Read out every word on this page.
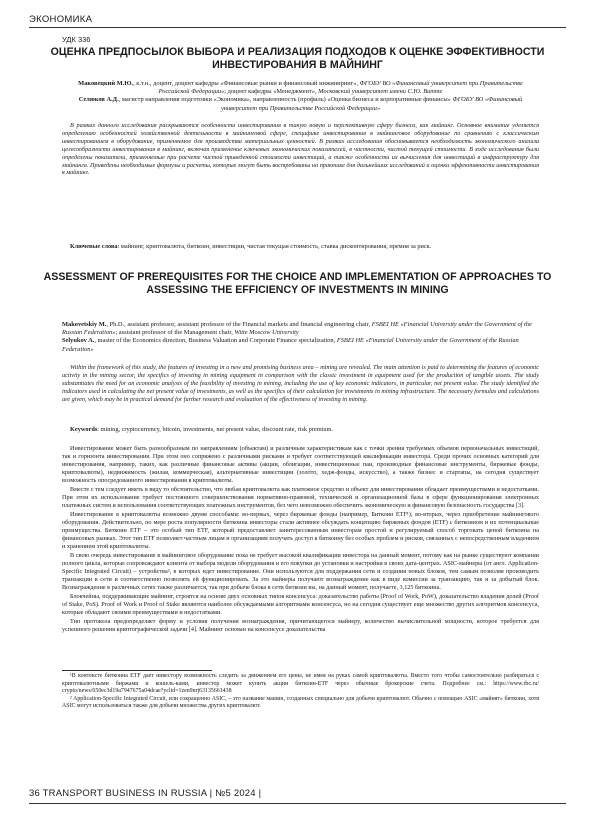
ЭКОНОМИКА
УДК 336
ОЦЕНКА ПРЕДПОСЫЛОК ВЫБОРА И РЕАЛИЗАЦИЯ ПОДХОДОВ К ОЦЕНКЕ ЭФФЕКТИВНОСТИ ИНВЕСТИРОВАНИЯ В МАЙНИНГ

Маковецкий М.Ю., к.т.н., доцент, доцент кафедры «Финансовые рынки и финансовый инжиниринг», ФГОБУ ВО «Финансовый университет при Правительстве Российской Федерации»; доцент кафедры «Менеджмент», Московский университет имени С.Ю. Витте

Селюков А.Д., магистр направления подготовки «Экономика», направленность (профиль) «Оценка бизнеса и корпоративные финансы» ФГОБУ ВО «Финансовый университет при Правительстве Российской Федерации»

В рамках данного исследования раскрываются особенности инвестирования в такую новую и перспективную сферу бизнеса, как майнинг. Основное внимание уделяется определению особенностей хозяйственной деятельности в майнинговой сфере, специфике инвестирования в майнинговое оборудование по сравнению с классическим инвестированием в оборудование, применяемое для производства материальных ценностей. В рамках исследования обосновывается необходимость экономического анализа целесообразности инвестирования в майнинг, включая применение ключевых экономических показателей, в частности, чистой текущей стоимости. В ходе исследования были определены показатели, применяемые при расчете чистой приведенной стоимости инвестиций, а также особенности их вычисления для инвестиций в инфраструктуру для майнинга. Приведены необходимые формулы и расчеты, которые могут быть востребованы на практике для дальнейших исследований и оценки эффективности инвестирования в майнинг.

Ключевые слова: майнинг, криптовалюта, биткоин, инвестиции, чистая текущая стоимость, ставка дисконтирования, премия за риск.

ASSESSMENT OF PREREQUISITES FOR THE CHOICE AND IMPLEMENTATION OF APPROACHES TO ASSESSING THE EFFICIENCY OF INVESTMENTS IN MINING

Makovetskiy M., Ph.D., assistant professor, assistant professor of the Financial markets and financial engineering chair, FSBEI HE «Financial University under the Government of the Russian Federation»; assistant professor of the Management chair, Witte Moscow University

Selyukov A., master of the Economics direction, Business Valuation and Corporate Finance specialization, FSBEI HE «Financial University under the Government of the Russian Federation»

Within the framework of this study, the features of investing in a new and promising business area – mining are revealed. The main attention is paid to determining the features of economic activity in the mining sector, the specifics of investing in mining equipment in comparison with the classic investment in equipment used for the production of tangible assets. The study substantiates the need for an economic analysis of the feasibility of investing in mining, including the use of key economic indicators, in particular, net present value. The study identified the indicators used in calculating the net present value of investments, as well as the specifics of their calculation for investments in mining infrastructure. The necessary formulas and calculations are given, which may be in practical demand for further research and evaluation of the effectiveness of investing in mining.

Keywords: mining, cryptocurrency, bitcoin, investments, net present value, discount rate, risk premium.

Инвестирование может быть разнообразным по направлениям (объектам) и различным характеристикам как с точки зрения требуемых объемов первоначальных инвестиций, так и горизонта инвестирования. При этом оно сопряжено с различными рисками и требует соответствующей квалификации инвестора. Среди прочих основных категорий для инвестирования, например, таких, как различные финансовые активы (акции, облигации, инвестиционные паи, производные финансовые инструменты, биржевые фонды, криптовалюты), недвижимость (жилая, коммерческая), альтернативные инвестиции (золото, хедж-фонды, искусство), а также бизнес и стартапы, на сегодня существует возможность опосредованного инвестирования в криптовалюты.

Вместе с тем следует иметь в виду то обстоятельство, что любая криптовалюта как платежное средство и объект для инвестирования обладает преимуществами и недостатками. При этом их использование требует постоянного совершенствования нормативно-правовой, технической и организационной базы в сфере функционирования электронных платежных систем и использования соответствующих платежных инструментов, без чего невозможно обеспечить экономическую и финансовую безопасность государства [3].

Инвестирование в криптовалюты возможно двумя способами: во-первых, через биржевые фонды (например, Биткоин ETF¹); во-вторых, через приобретение майнингового оборудования. Действительно, по мере роста популярности биткоина инвесторы стали активнее обсуждать концепцию биржевых фондов (ETF) с биткоином и их потенциальные преимущества. Биткоин ETF – это особый тип ETF, который предоставляет заинтересованным инвесторам простой и регулируемый способ торговать ценой биткоина на финансовых рынках. Этот тип ETF позволяет частным лицам и организациям получать доступ к биткоину без особых проблем и рисков, связанных с непосредственным владением и хранением этой криптовалюты.

В свою очередь инвестирование в майнинговое оборудование пока не требует высокой квалификации инвестора на данный момент, потому как на рынке существуют компании полного цикла, которые сопровождают клиента от выбора модели оборудования и его покупки до установки и настройки в своих дата-центрах. ASIC-майнеры (от англ. Application-Specific Integrated Circuit) – устройства², в которых идет инвестирование. Они используются для поддержания сети и создания новых блоков, тем самым позволяя производить транзакции в сети и соответственно позволять ей функционировать. За это майнеры получают вознаграждение как в виде комиссии за транзакцию, так и за добытый блок. Вознаграждение в различных сетях также различается, так при добыче блока в сети биткоин вы, на данный момент, получаете, 3,125 биткоина.

Блокчейны, поддерживающие майнинг, строятся на основе двух основных типов консенсуса: доказательство работы (Proof of Work, PoW), доказательство владения долей (Proof of Stake, PoS). Proof of Work и Proof of Stake являются наиболее обсуждаемыми алгоритмами консенсуса, но на сегодня существует еще множество других алгоритмов консенсуса, которые обладают своими преимуществами и недостатками.

Тип протокола предопределяет форму и условия получения вознаграждения, причитающегося майнеру, количество вычислительной мощности, которое требуется для успешного решения криптографической задачи [4]. Майнинг основан на консенсусе доказательства

¹В контексте биткоина ETF дает инвестору возможность следить за движением его цены, не имея на руках самой криптовалюты. Вместо того чтобы самостоятельно разбираться с криптовалютными биржами и кошель-ками, инвестор может купить акции биткоин-ETF через обычные брокерские счета. Подробнее см.: https://www.rbc.ru/ crypto/news/650ec3d19a7947675a04dcae?yclid=1zen9nrj63135661438

² Application-Specific Integrated Circuit, или сокращенно ASIC, – это название машин, созданных специально для добычи криптовалют. Обычно с помощью ASIC «майнят» биткоин, хотя ASIC могут использоваться также для добычи множества других криптовалют.

36 TRANSPORT BUSINESS IN RUSSIA | №5 2024 |
